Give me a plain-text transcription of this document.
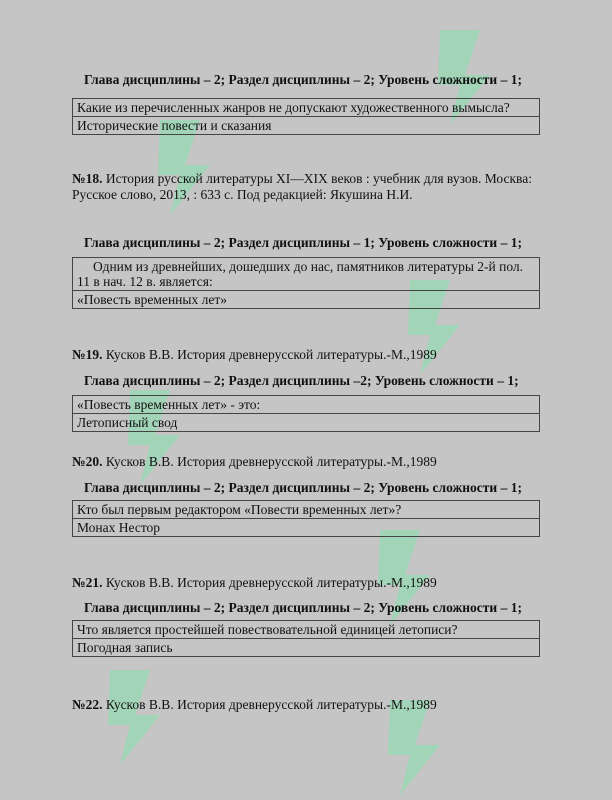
Глава дисциплины – 2; Раздел дисциплины – 2; Уровень сложности – 1;

Какие из перечисленных жанров не допускают художественного вымысла?
Исторические повести и сказания

№18. История русской литературы XI—XIX веков : учебник для вузов. Москва: Русское слово, 2013, : 633 с. Под редакцией: Якушина Н.И.

Глава дисциплины – 2; Раздел дисциплины – 1; Уровень сложности – 1;

Одним из древнейших, дошедших до нас, памятников литературы 2-й пол. 11 в нач. 12 в. является:
«Повесть временных лет»

№19. Кусков В.В. История древнерусской литературы.-М.,1989

Глава дисциплины – 2; Раздел дисциплины –2; Уровень сложности – 1;

«Повесть временных лет» - это:
Летописный свод

№20. Кусков В.В. История древнерусской литературы.-М.,1989

Глава дисциплины – 2; Раздел дисциплины – 2; Уровень сложности – 1;

Кто был первым редактором «Повести временных лет»?
Монах Нестор

№21. Кусков В.В. История древнерусской литературы.-М.,1989

Глава дисциплины – 2; Раздел дисциплины – 2; Уровень сложности – 1;

Что является простейшей повествовательной единицей летописи?
Погодная запись

№22. Кусков В.В. История древнерусской литературы.-М.,1989
